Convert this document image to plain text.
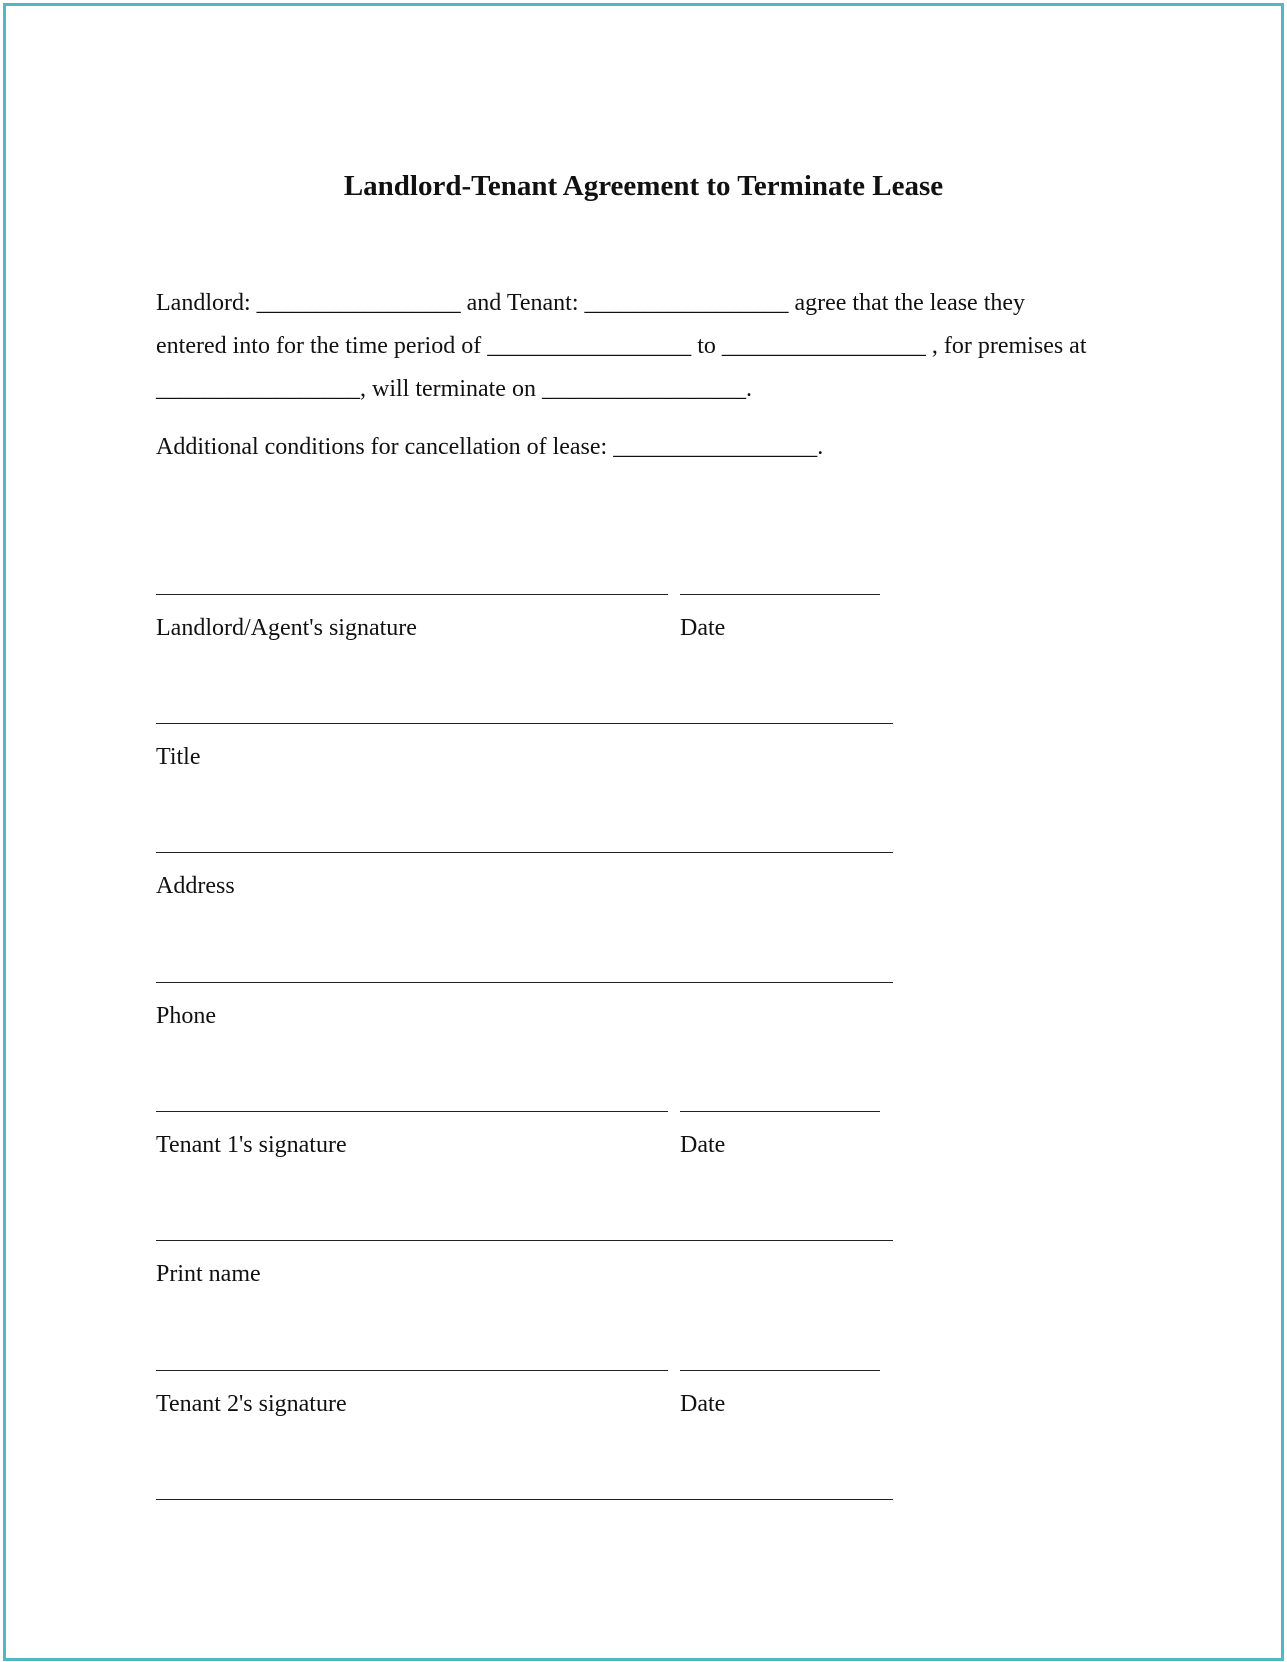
Landlord-Tenant Agreement to Terminate Lease
Landlord: _________________ and Tenant: _________________ agree that the lease they
entered into for the time period of _________________ to _________________ , for premises at
_________________, will terminate on _________________.
Additional conditions for cancellation of lease: _________________.
Landlord/Agent's signature	Date
Title
Address
Phone
Tenant 1's signature	Date
Print name
Tenant 2's signature	Date
